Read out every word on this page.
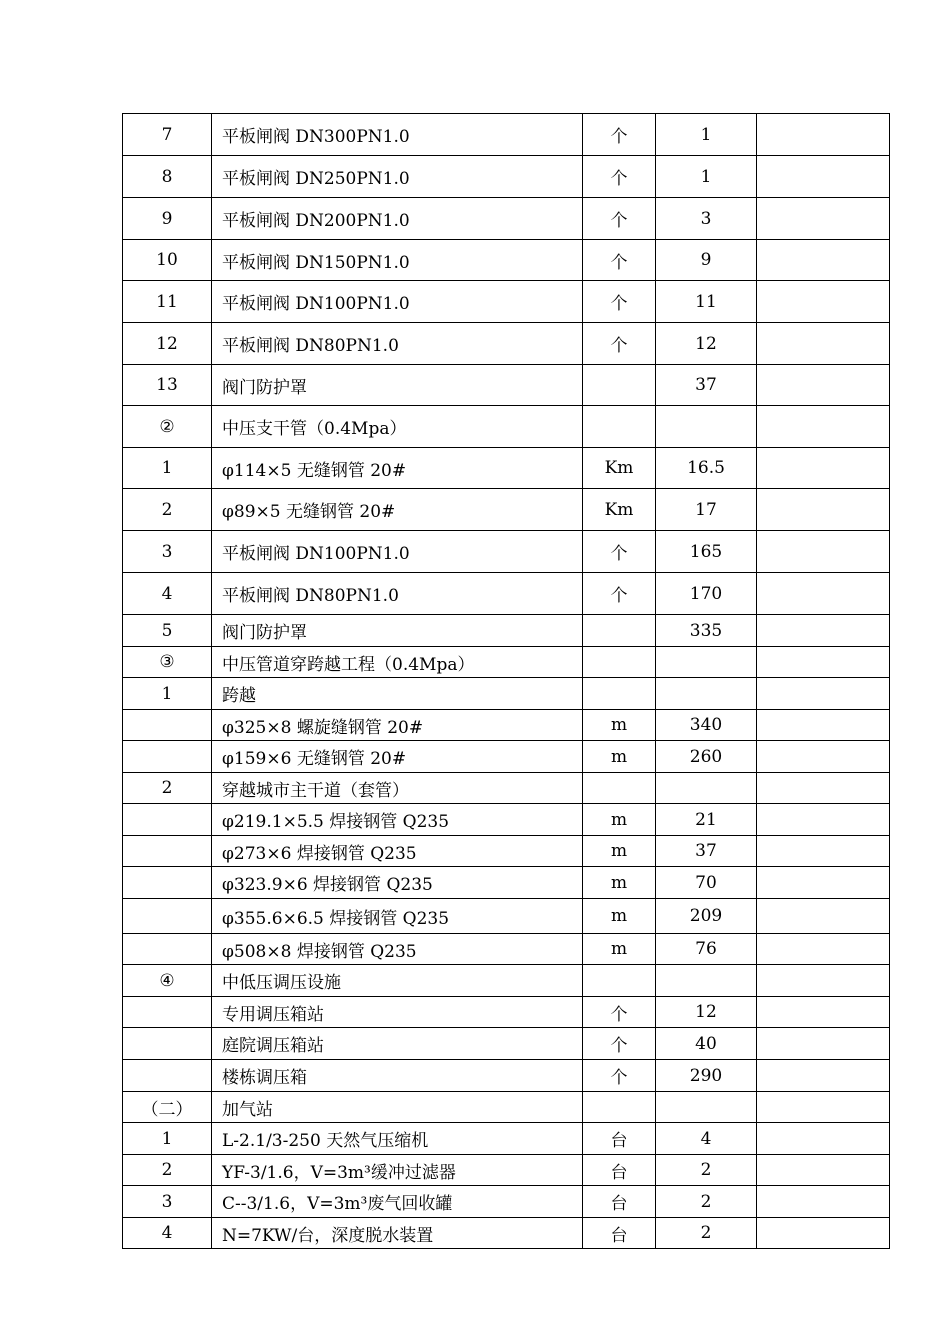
7	平板闸阀 DN300PN1.0	个	1	
8	平板闸阀 DN250PN1.0	个	1	
9	平板闸阀 DN200PN1.0	个	3	
10	平板闸阀 DN150PN1.0	个	9	
11	平板闸阀 DN100PN1.0	个	11	
12	平板闸阀 DN80PN1.0	个	12	
13	阀门防护罩		37	
②	中压支干管（0.4Mpa）			
1	φ114×5 无缝钢管 20#	Km	16.5	
2	φ89×5 无缝钢管 20#	Km	17	
3	平板闸阀 DN100PN1.0	个	165	
4	平板闸阀 DN80PN1.0	个	170	
5	阀门防护罩		335	
③	中压管道穿跨越工程（0.4Mpa）			
1	跨越			
	φ325×8 螺旋缝钢管 20#	m	340	
	φ159×6 无缝钢管 20#	m	260	
2	穿越城市主干道（套管）			
	φ219.1×5.5 焊接钢管 Q235	m	21	
	φ273×6 焊接钢管 Q235	m	37	
	φ323.9×6 焊接钢管 Q235	m	70	
	φ355.6×6.5 焊接钢管 Q235	m	209	
	φ508×8 焊接钢管 Q235	m	76	
④	中低压调压设施			
	专用调压箱站	个	12	
	庭院调压箱站	个	40	
	楼栋调压箱	个	290	
（二）	加气站			
1	L-2.1/3-250 天然气压缩机	台	4	
2	YF-3/1.6，V=3m³缓冲过滤器	台	2	
3	C--3/1.6，V=3m³废气回收罐	台	2	
4	N=7KW/台，深度脱水装置	台	2	
